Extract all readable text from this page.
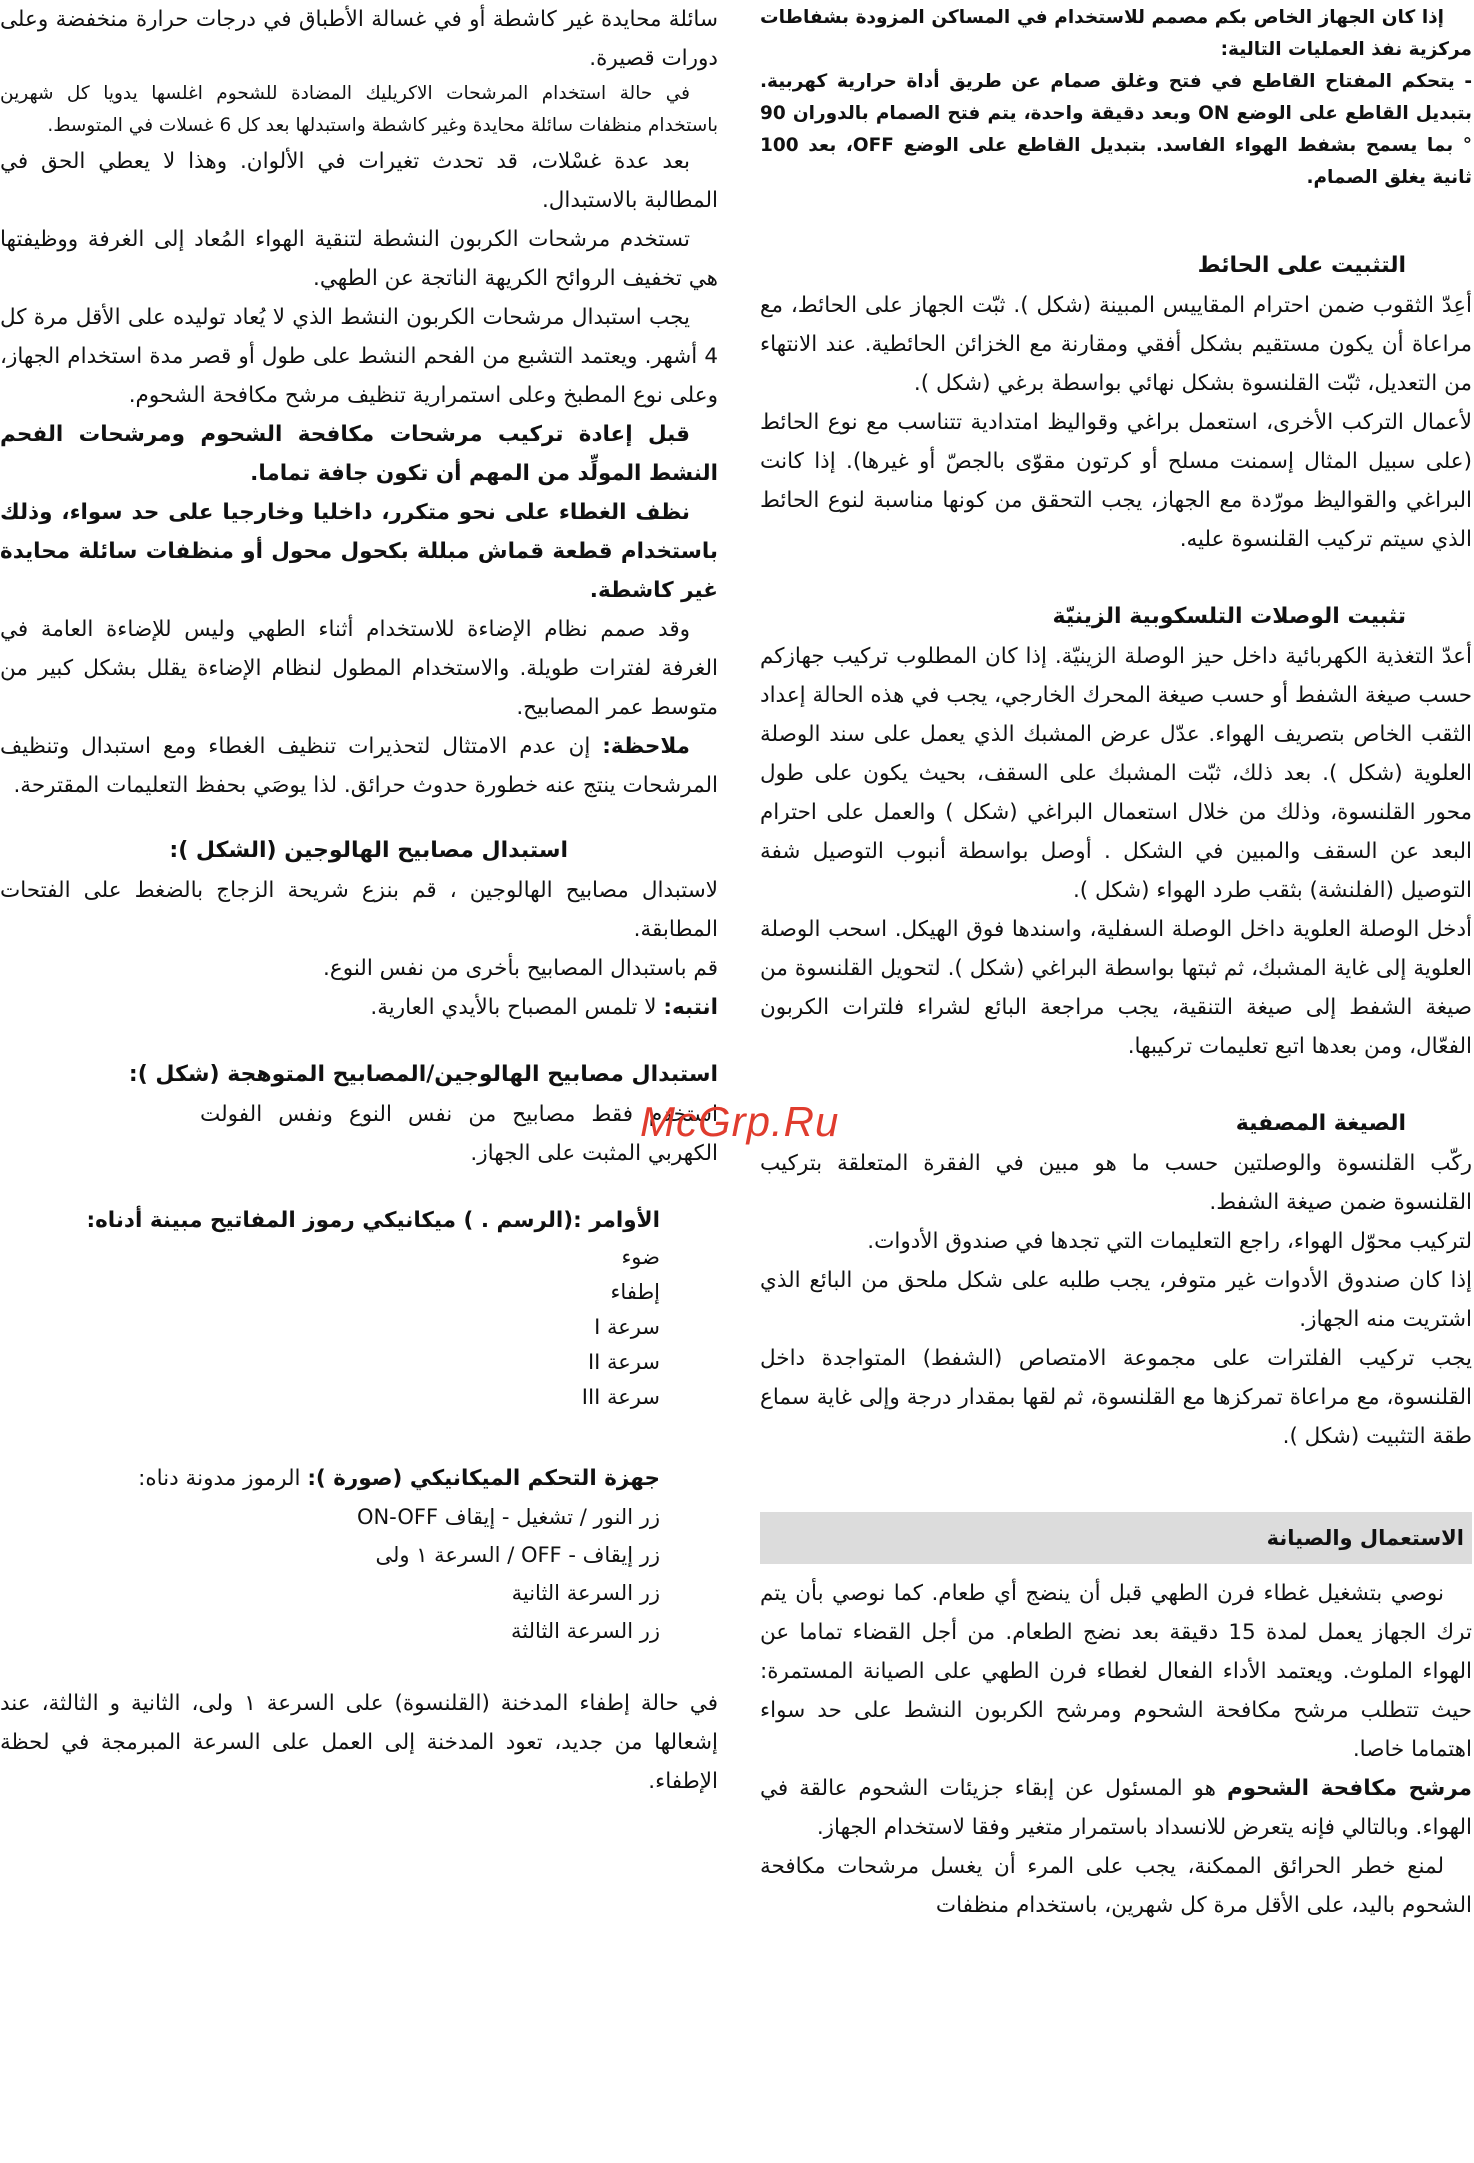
إذا كان الجهاز الخاص بكم مصمم للاستخدام في المساكن المزودة بشفاطات مركزية نفذ العمليات التالية:

- يتحكم المفتاح القاطع في فتح وغلق صمام عن طريق أداة حرارية كهربية. بتبديل القاطع على الوضع ON وبعد دقيقة واحدة، يتم فتح الصمام بالدوران 90 ° بما يسمح بشفط الهواء الفاسد. بتبديل القاطع على الوضع OFF، بعد 100 ثانية يغلق الصمام.

التثبيت على الحائط

أعِدّ الثقوب ضمن احترام المقاييس المبينة (شكل ). ثبّت الجهاز على الحائط، مع مراعاة أن يكون مستقيم بشكل أفقي ومقارنة مع الخزائن الحائطية. عند الانتهاء من التعديل، ثبّت القلنسوة بشكل نهائي بواسطة برغي (شكل ).

لأعمال التركب الأخرى، استعمل براغي وقواليظ امتدادية تتناسب مع نوع الحائط (على سبيل المثال إسمنت مسلح أو كرتون مقوّى بالجصّ أو غيرها). إذا كانت البراغي والقواليظ مورّدة مع الجهاز، يجب التحقق من كونها مناسبة لنوع الحائط الذي سيتم تركيب القلنسوة عليه.

تثبيت الوصلات التلسكوبية الزينيّة

أعدّ التغذية الكهربائية داخل حيز الوصلة الزينيّة. إذا كان المطلوب تركيب جهازكم حسب صيغة الشفط أو حسب صيغة المحرك الخارجي، يجب في هذه الحالة إعداد الثقب الخاص بتصريف الهواء. عدّل عرض المشبك الذي يعمل على سند الوصلة العلوية (شكل ). بعد ذلك، ثبّت المشبك على السقف، بحيث يكون على طول محور القلنسوة، وذلك من خلال استعمال البراغي (شكل ) والعمل على احترام البعد عن السقف والمبين في الشكل . أوصل بواسطة أنبوب التوصيل شفة التوصيل (الفلنشة) بثقب طرد الهواء (شكل ).

أدخل الوصلة العلوية داخل الوصلة السفلية، واسندها فوق الهيكل. اسحب الوصلة العلوية إلى غاية المشبك، ثم ثبتها بواسطة البراغي (شكل ). لتحويل القلنسوة من صيغة الشفط إلى صيغة التنقية، يجب مراجعة البائع لشراء فلترات الكربون الفعّال، ومن بعدها اتبع تعليمات تركيبها.

الصيغة المصفية

ركّب القلنسوة والوصلتين حسب ما هو مبين في الفقرة المتعلقة بتركيب القلنسوة ضمن صيغة الشفط.

لتركيب محوّل الهواء، راجع التعليمات التي تجدها في صندوق الأدوات.

إذا كان صندوق الأدوات غير متوفر، يجب طلبه على شكل ملحق من البائع الذي اشتريت منه الجهاز.

يجب تركيب الفلترات على مجموعة الامتصاص (الشفط) المتواجدة داخل القلنسوة، مع مراعاة تمركزها مع القلنسوة، ثم لقها بمقدار درجة وإلى غاية سماع طقة التثبيت (شكل ).

الاستعمال والصيانة

نوصي بتشغيل غطاء فرن الطهي قبل أن ينضج أي طعام. كما نوصي بأن يتم ترك الجهاز يعمل لمدة 15 دقيقة بعد نضج الطعام. من أجل القضاء تماما عن الهواء الملوث. ويعتمد الأداء الفعال لغطاء فرن الطهي على الصيانة المستمرة: حيث تتطلب مرشح مكافحة الشحوم ومرشح الكربون النشط على حد سواء اهتماما خاصا.

مرشح مكافحة الشحوم هو المسئول عن إبقاء جزيئات الشحوم عالقة في الهواء. وبالتالي فإنه يتعرض للانسداد باستمرار متغير وفقا لاستخدام الجهاز.

لمنع خطر الحرائق الممكنة، يجب على المرء أن يغسل مرشحات مكافحة الشحوم باليد، على الأقل مرة كل شهرين، باستخدام منظفات

سائلة محايدة غير كاشطة أو في غسالة الأطباق في درجات حرارة منخفضة وعلى دورات قصيرة.

في حالة استخدام المرشحات الاكريليك المضادة للشحوم اغلسها يدويا كل شهرين باستخدام منظفات سائلة محايدة وغير كاشطة واستبدلها بعد كل 6 غسلات في المتوسط.

بعد عدة غسْلات، قد تحدث تغيرات في الألوان. وهذا لا يعطي الحق في المطالبة بالاستبدال.

تستخدم مرشحات الكربون النشطة لتنقية الهواء المُعاد إلى الغرفة ووظيفتها هي تخفيف الروائح الكريهة الناتجة عن الطهي.

يجب استبدال مرشحات الكربون النشط الذي لا يُعاد توليده على الأقل مرة كل 4 أشهر. ويعتمد التشبع من الفحم النشط على طول أو قصر مدة استخدام الجهاز، وعلى نوع المطبخ وعلى استمرارية تنظيف مرشح مكافحة الشحوم.

قبل إعادة تركيب مرشحات مكافحة الشحوم ومرشحات الفحم النشط المولِّد من المهم أن تكون جافة تماما.

نظف الغطاء على نحو متكرر، داخليا وخارجيا على حد سواء، وذلك باستخدام قطعة قماش مبللة بكحول محول أو منظفات سائلة محايدة غير كاشطة.

وقد صمم نظام الإضاءة للاستخدام أثناء الطهي وليس للإضاءة العامة في الغرفة لفترات طويلة. والاستخدام المطول لنظام الإضاءة يقلل بشكل كبير من متوسط عمر المصابيح.

ملاحظة: إن عدم الامتثال لتحذيرات تنظيف الغطاء ومع استبدال وتنظيف المرشحات ينتج عنه خطورة حدوث حرائق. لذا يوصَي بحفظ التعليمات المقترحة.

استبدال مصابيح الهالوجين (الشكل ):

لاستبدال مصابيح الهالوجين ، قم بنزع شريحة الزجاج بالضغط على الفتحات المطابقة.

قم باستبدال المصابيح بأخرى من نفس النوع.

انتبه: لا تلمس المصباح بالأيدي العارية.

استبدال مصابيح الهالوجين/المصابيح المتوهجة (شكل ):

استخدم فقط مصابيح من نفس النوع ونفس الفولت الكهربي المثبت على الجهاز.

الأوامر :(الرسم . ) ميكانيكي رموز المفاتيح مبينة أدناه:

ضوء
إطفاء
سرعة I
سرعة II
سرعة III

جهزة التحكم الميكانيكي (صورة ): الرموز مدونة دناه:

زر النور / تشغيل - إيقاف ON-OFF
زر إيقاف - OFF / السرعة ١ ولى
زر السرعة الثانية
زر السرعة الثالثة

في حالة إطفاء المدخنة (القلنسوة) على السرعة ١ ولى، الثانية و الثالثة، عند إشعالها من جديد، تعود المدخنة إلى العمل على السرعة المبرمجة في لحظة الإطفاء.

McGrp.Ru
